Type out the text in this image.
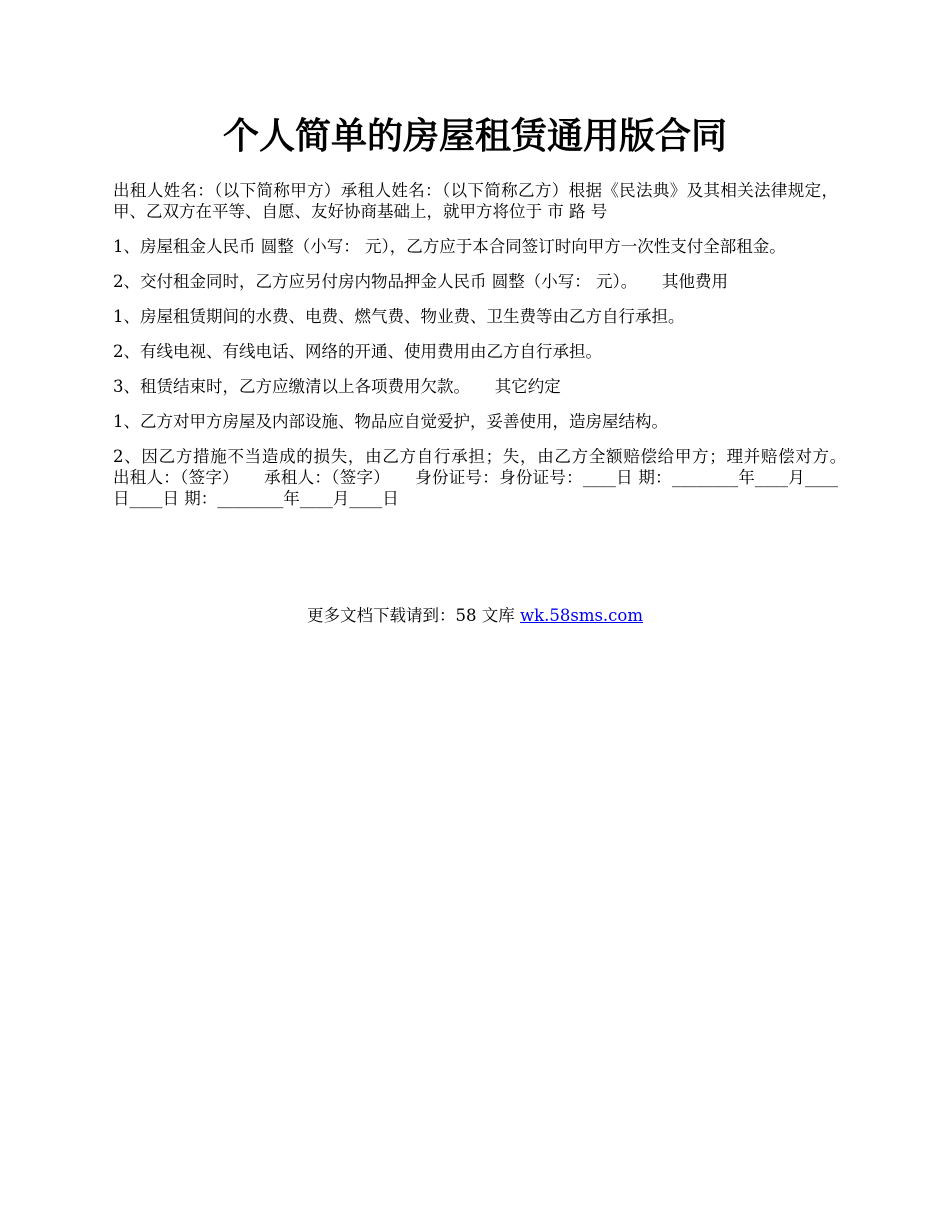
个人简单的房屋租赁通用版合同

出租人姓名：（以下简称甲方）承租人姓名：（以下简称乙方）根据《民法典》及其相关法律规定，甲、乙双方在平等、自愿、友好协商基础上，就甲方将位于 市 路 号

1、房屋租金人民币 圆整（小写： 元），乙方应于本合同签订时向甲方一次性支付全部租金。

2、交付租金同时，乙方应另付房内物品押金人民币 圆整（小写： 元）。　　其他费用

1、房屋租赁期间的水费、电费、燃气费、物业费、卫生费等由乙方自行承担。

2、有线电视、有线电话、网络的开通、使用费用由乙方自行承担。

3、租赁结束时，乙方应缴清以上各项费用欠款。　　其它约定

1、乙方对甲方房屋及内部设施、物品应自觉爱护，妥善使用，造房屋结构。

2、因乙方措施不当造成的损失，由乙方自行承担；失，由乙方全额赔偿给甲方；理并赔偿对方。　　出租人：（签字）　　承租人：（签字）　　身份证号：身份证号：____日 期：________年____月____日____日 期：________年____月____日

更多文档下载请到：58 文库 wk.58sms.com
